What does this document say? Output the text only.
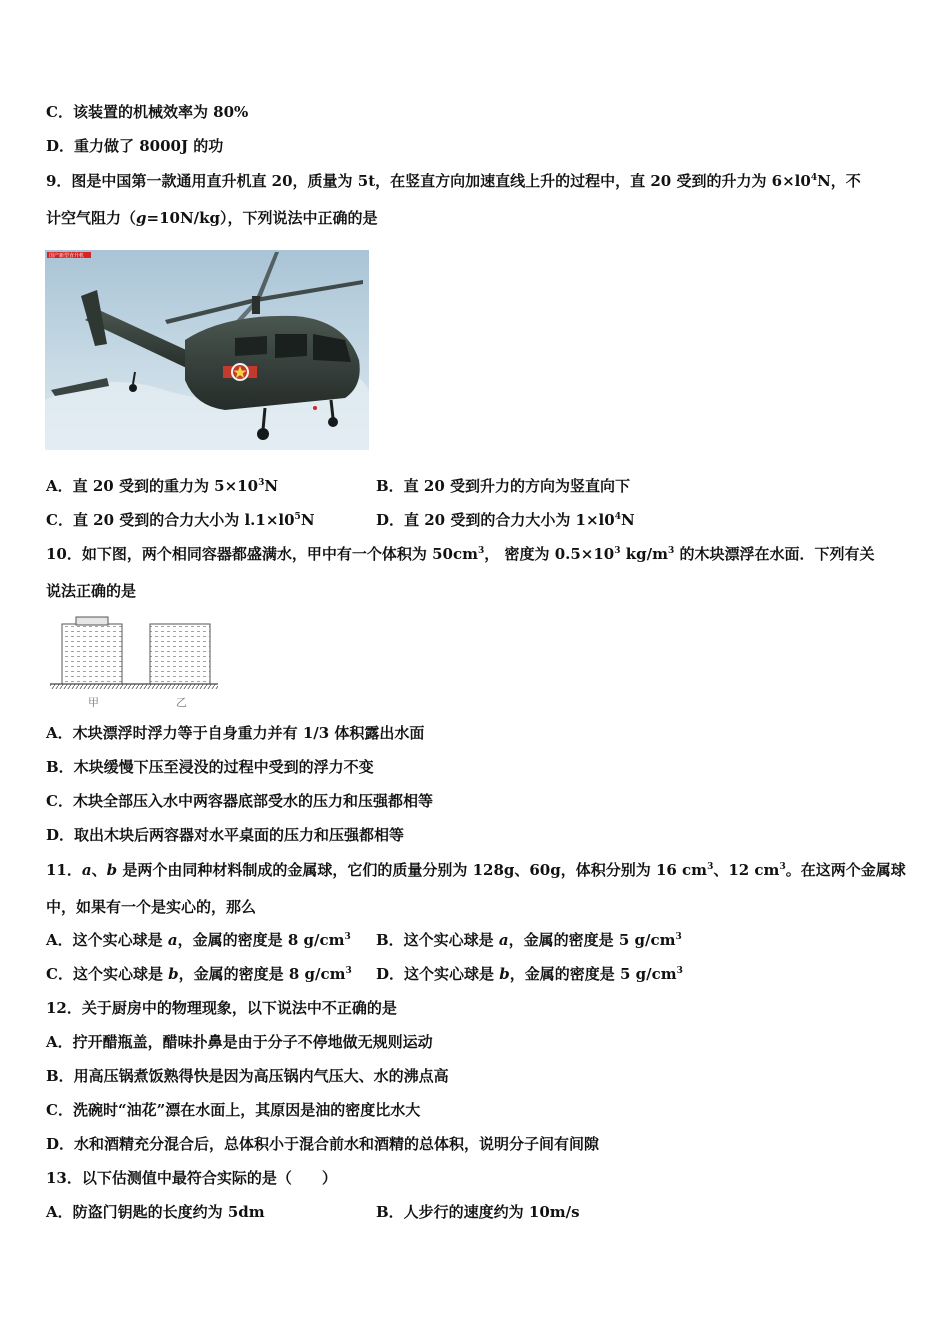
C．该装置的机械效率为 80%
D．重力做了 8000J 的功
9．图是中国第一款通用直升机直 20，质量为 5t，在竖直方向加速直线上升的过程中，直 20 受到的升力为 $6\times l0^4N$，不
计空气阻力（g=10N/kg），下列说法中正确的是
国产新型直升机
A．直 20 受到的重力为 $5\times 10^3N$	B．直 20 受到升力的方向为竖直向下
C．直 20 受到的合力大小为 $l.1\times l0^5N$	D．直 20 受到的合力大小为 $1\times l0^4N$
10．如下图，两个相同容器都盛满水，甲中有一个体积为 $50cm^3$， 密度为 $0.5\times 10^3$ $kg/m^3$ 的木块漂浮在水面．下列有关
说法正确的是
甲	乙
A．木块漂浮时浮力等于自身重力并有 1/3 体积露出水面
B．木块缓慢下压至浸没的过程中受到的浮力不变
C．木块全部压入水中两容器底部受水的压力和压强都相等
D．取出木块后两容器对水平桌面的压力和压强都相等
11．a、b 是两个由同种材料制成的金属球，它们的质量分别为 128g、60g，体积分别为 16 $cm^3$、12 $cm^3$。在这两个金属球
中，如果有一个是实心的，那么
A．这个实心球是 a，金属的密度是 8 $g/cm^3$ B．这个实心球是 a，金属的密度是 5 $g/cm^3$
C．这个实心球是 b，金属的密度是 8 $g/cm^3$ D．这个实心球是 b，金属的密度是 5 $g/cm^3$
12．关于厨房中的物理现象，以下说法中不正确的是
A．拧开醋瓶盖，醋味扑鼻是由于分子不停地做无规则运动
B．用高压锅煮饭熟得快是因为高压锅内气压大、水的沸点高
C．洗碗时“油花”漂在水面上，其原因是油的密度比水大
D．水和酒精充分混合后，总体积小于混合前水和酒精的总体积，说明分子间有间隙
13．以下估测值中最符合实际的是（　　）
A．防盗门钥匙的长度约为 5dm	B．人步行的速度约为 10m/s
